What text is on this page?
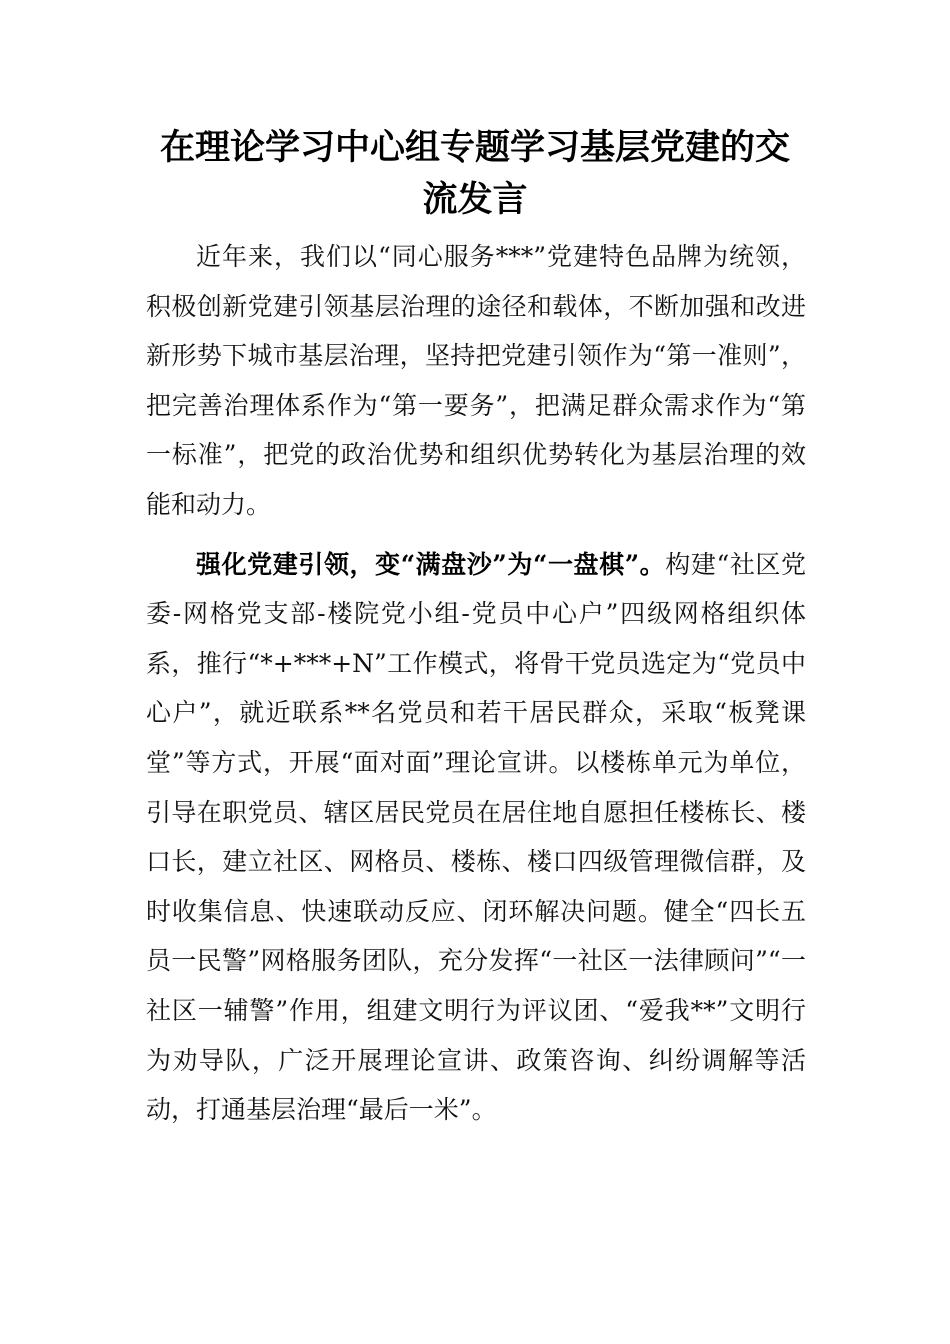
在理论学习中心组专题学习基层党建的交
流发言

近年来，我们以“同心服务***”党建特色品牌为统领，积极创新党建引领基层治理的途径和载体，不断加强和改进新形势下城市基层治理，坚持把党建引领作为“第一准则”，把完善治理体系作为“第一要务”，把满足群众需求作为“第一标准”，把党的政治优势和组织优势转化为基层治理的效能和动力。

强化党建引领，变“满盘沙”为“一盘棋”。构建“社区党委-网格党支部-楼院党小组-党员中心户”四级网格组织体系，推行“*+***+N”工作模式，将骨干党员选定为“党员中心户”，就近联系**名党员和若干居民群众，采取“板凳课堂”等方式，开展“面对面”理论宣讲。以楼栋单元为单位，引导在职党员、辖区居民党员在居住地自愿担任楼栋长、楼口长，建立社区、网格员、楼栋、楼口四级管理微信群，及时收集信息、快速联动反应、闭环解决问题。健全“四长五员一民警”网格服务团队，充分发挥“一社区一法律顾问”“一社区一辅警”作用，组建文明行为评议团、“爱我**”文明行为劝导队，广泛开展理论宣讲、政策咨询、纠纷调解等活动，打通基层治理“最后一米”。
